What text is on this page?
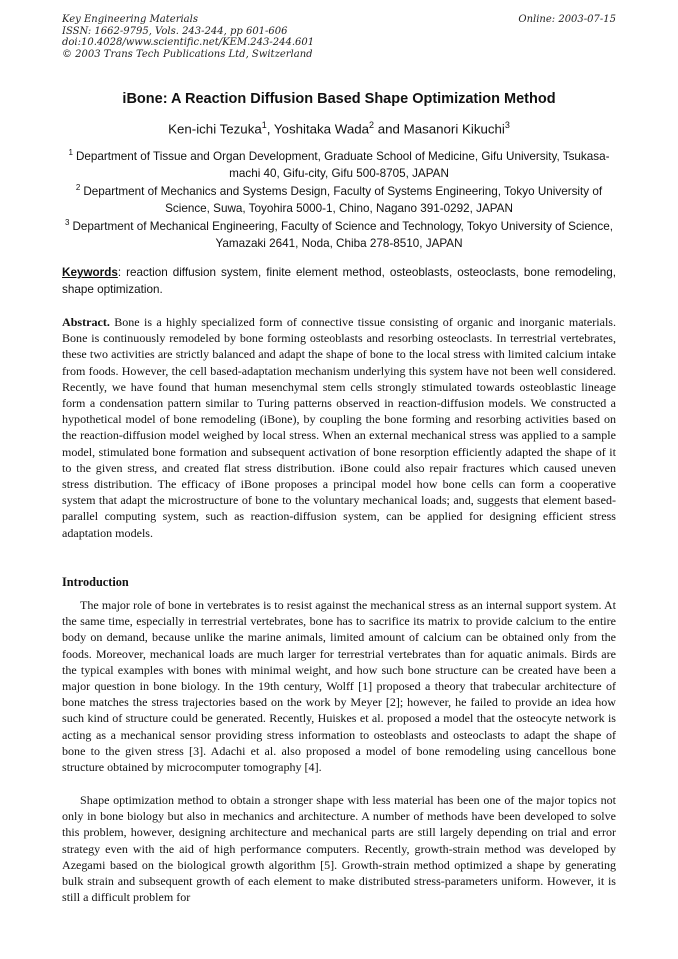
Key Engineering Materials
ISSN: 1662-9795, Vols. 243-244, pp 601-606
doi:10.4028/www.scientific.net/KEM.243-244.601
© 2003 Trans Tech Publications Ltd, Switzerland
Online: 2003-07-15
iBone: A Reaction Diffusion Based Shape Optimization Method
Ken-ichi Tezuka$^1$, Yoshitaka Wada$^2$ and Masanori Kikuchi$^3$
$^1$ Department of Tissue and Organ Development, Graduate School of Medicine, Gifu University, Tsukasa-machi 40, Gifu-city, Gifu 500-8705, JAPAN
$^2$ Department of Mechanics and Systems Design, Faculty of Systems Engineering, Tokyo University of Science, Suwa, Toyohira 5000-1, Chino, Nagano 391-0292, JAPAN
$^3$ Department of Mechanical Engineering, Faculty of Science and Technology, Tokyo University of Science, Yamazaki 2641, Noda, Chiba 278-8510, JAPAN
Keywords: reaction diffusion system, finite element method, osteoblasts, osteoclasts, bone remodeling, shape optimization.
Abstract. Bone is a highly specialized form of connective tissue consisting of organic and inorganic materials. Bone is continuously remodeled by bone forming osteoblasts and resorbing osteoclasts. In terrestrial vertebrates, these two activities are strictly balanced and adapt the shape of bone to the local stress with limited calcium intake from foods. However, the cell based-adaptation mechanism underlying this system have not been well considered. Recently, we have found that human mesenchymal stem cells strongly stimulated towards osteoblastic lineage form a condensation pattern similar to Turing patterns observed in reaction-diffusion models. We constructed a hypothetical model of bone remodeling (iBone), by coupling the bone forming and resorbing activities based on the reaction-diffusion model weighed by local stress. When an external mechanical stress was applied to a sample model, stimulated bone formation and subsequent activation of bone resorption efficiently adapted the shape of it to the given stress, and created flat stress distribution. iBone could also repair fractures which caused uneven stress distribution. The efficacy of iBone proposes a principal model how bone cells can form a cooperative system that adapt the microstructure of bone to the voluntary mechanical loads; and, suggests that element based-parallel computing system, such as reaction-diffusion system, can be applied for designing efficient stress adaptation models.
Introduction
The major role of bone in vertebrates is to resist against the mechanical stress as an internal support system. At the same time, especially in terrestrial vertebrates, bone has to sacrifice its matrix to provide calcium to the entire body on demand, because unlike the marine animals, limited amount of calcium can be obtained only from the foods. Moreover, mechanical loads are much larger for terrestrial vertebrates than for aquatic animals. Birds are the typical examples with bones with minimal weight, and how such bone structure can be created have been a major question in bone biology. In the 19th century, Wolff [1] proposed a theory that trabecular architecture of bone matches the stress trajectories based on the work by Meyer [2]; however, he failed to provide an idea how such kind of structure could be generated. Recently, Huiskes et al. proposed a model that the osteocyte network is acting as a mechanical sensor providing stress information to osteoblasts and osteoclasts to adapt the shape of bone to the given stress [3]. Adachi et al. also proposed a model of bone remodeling using cancellous bone structure obtained by microcomputer tomography [4].
Shape optimization method to obtain a stronger shape with less material has been one of the major topics not only in bone biology but also in mechanics and architecture. A number of methods have been developed to solve this problem, however, designing architecture and mechanical parts are still largely depending on trial and error strategy even with the aid of high performance computers. Recently, growth-strain method was developed by Azegami based on the biological growth algorithm [5]. Growth-strain method optimized a shape by generating bulk strain and subsequent growth of each element to make distributed stress-parameters uniform. However, it is still a difficult problem for
